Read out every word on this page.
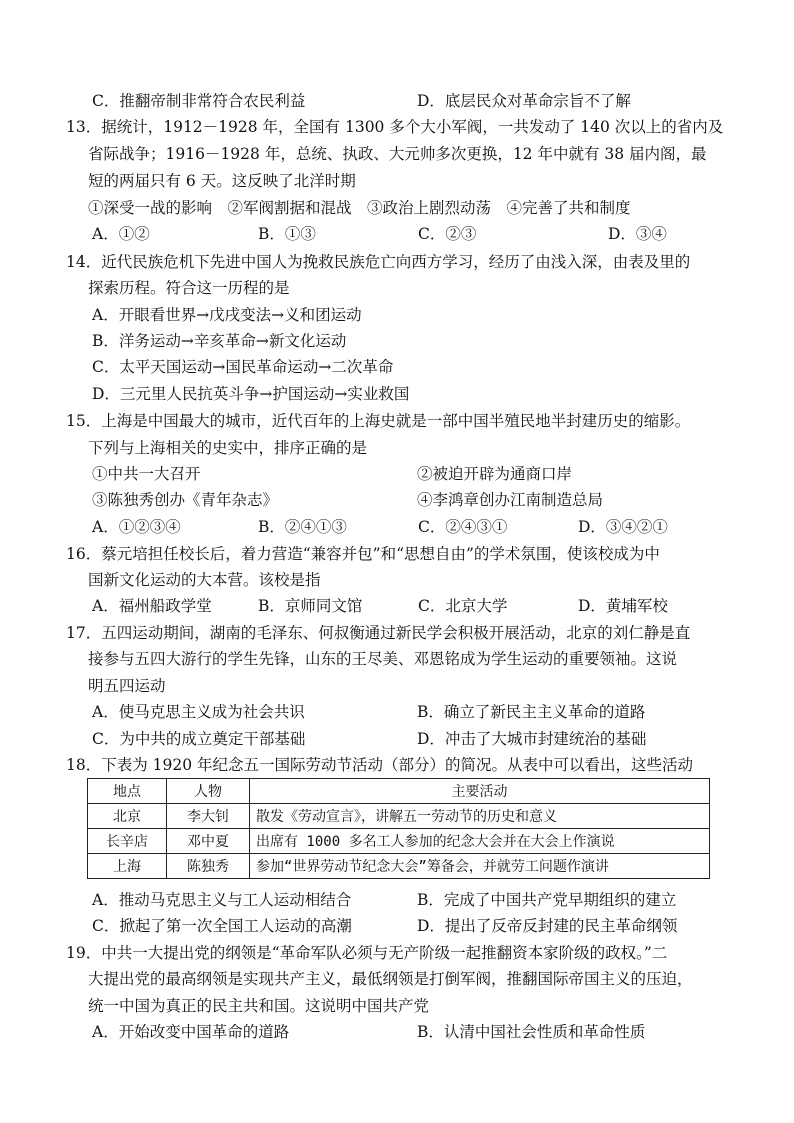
C．推翻帝制非常符合农民利益	D．底层民众对革命宗旨不了解
13．据统计，1912－1928 年，全国有 1300 多个大小军阀，一共发动了 140 次以上的省内及
省际战争；1916－1928 年，总统、执政、大元帅多次更换，12 年中就有 38 届内阁，最
短的两届只有 6 天。这反映了北洋时期
①深受一战的影响　②军阀割据和混战　③政治上剧烈动荡　④完善了共和制度
A．①②	B．①③	C．②③	D．③④
14．近代民族危机下先进中国人为挽救民族危亡向西方学习，经历了由浅入深，由表及里的
探索历程。符合这一历程的是
A．开眼看世界→戊戌变法→义和团运动
B．洋务运动→辛亥革命→新文化运动
C．太平天国运动→国民革命运动→二次革命
D．三元里人民抗英斗争→护国运动→实业救国
15．上海是中国最大的城市，近代百年的上海史就是一部中国半殖民地半封建历史的缩影。
下列与上海相关的史实中，排序正确的是
①中共一大召开	②被迫开辟为通商口岸
③陈独秀创办《青年杂志》	④李鸿章创办江南制造总局
A．①②③④	B．②④①③	C．②④③①	D．③④②①
16．蔡元培担任校长后，着力营造“兼容并包”和“思想自由”的学术氛围，使该校成为中
国新文化运动的大本营。该校是指
A．福州船政学堂	B．京师同文馆	C．北京大学	D．黄埔军校
17．五四运动期间，湖南的毛泽东、何叔衡通过新民学会积极开展活动，北京的刘仁静是直
接参与五四大游行的学生先锋，山东的王尽美、邓恩铭成为学生运动的重要领袖。这说
明五四运动
A．使马克思主义成为社会共识	B．确立了新民主主义革命的道路
C．为中共的成立奠定干部基础	D．冲击了大城市封建统治的基础
18．下表为 1920 年纪念五一国际劳动节活动（部分）的简况。从表中可以看出，这些活动
地点	人物	主要活动
北京	李大钊	散发《劳动宣言》，讲解五一劳动节的历史和意义
长辛店	邓中夏	出席有 1000 多名工人参加的纪念大会并在大会上作演说
上海	陈独秀	参加“世界劳动节纪念大会”筹备会，并就劳工问题作演讲
A．推动马克思主义与工人运动相结合	B．完成了中国共产党早期组织的建立
C．掀起了第一次全国工人运动的高潮	D．提出了反帝反封建的民主革命纲领
19．中共一大提出党的纲领是“革命军队必须与无产阶级一起推翻资本家阶级的政权。”二
大提出党的最高纲领是实现共产主义，最低纲领是打倒军阀，推翻国际帝国主义的压迫，
统一中国为真正的民主共和国。这说明中国共产党
A．开始改变中国革命的道路	B．认清中国社会性质和革命性质
